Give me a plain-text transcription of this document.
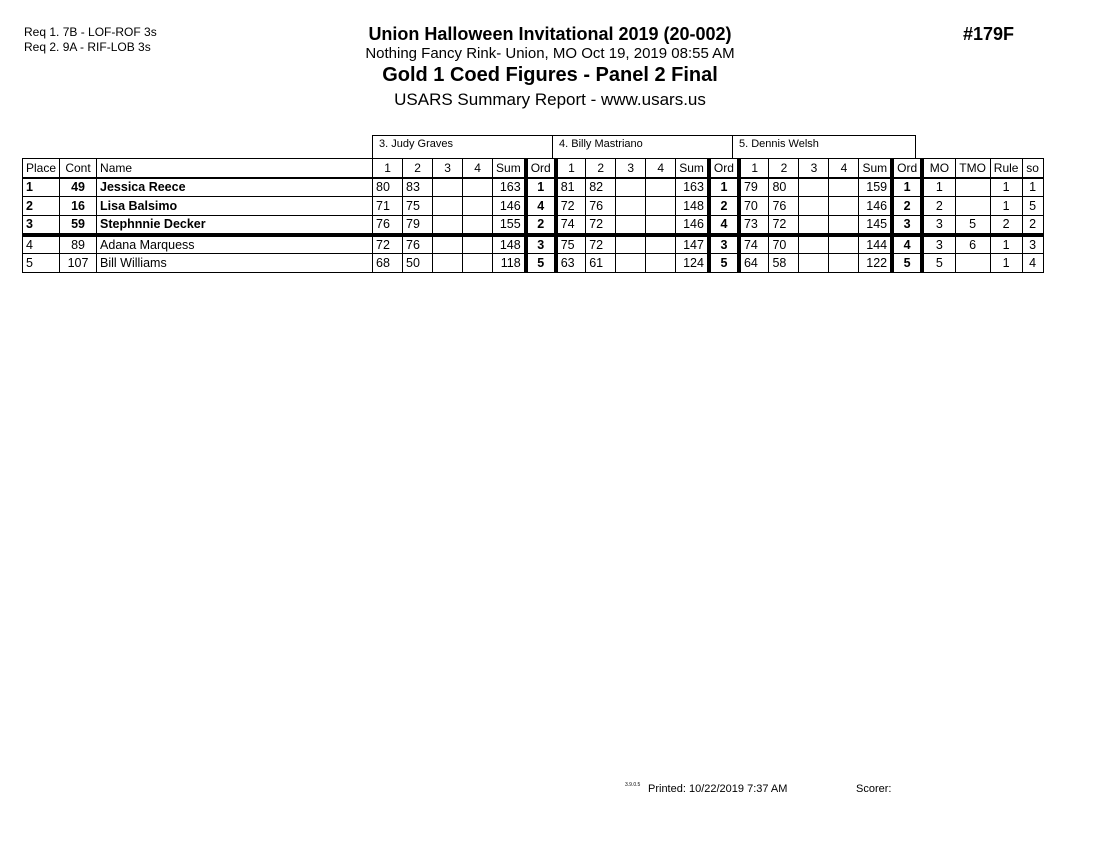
Req 1. 7B - LOF-ROF 3s
Req 2. 9A - RIF-LOB 3s
Union Halloween Invitational 2019 (20-002)
Nothing Fancy Rink- Union, MO Oct 19, 2019 08:55 AM
Gold 1 Coed Figures - Panel 2 Final
USARS Summary Report - www.usars.us
#179F
3. Judy Graves	4. Billy Mastriano	5. Dennis Welsh
Place	Cont	Name	1	2	3	4	Sum	Ord	1	2	3	4	Sum	Ord	1	2	3	4	Sum	Ord	MO	TMO	Rule	so
1	49	Jessica Reece	80	83			163	1	81	82			163	1	79	80			159	1	1		1	1
2	16	Lisa Balsimo	71	75			146	4	72	76			148	2	70	76			146	2	2		1	5
3	59	Stephnnie Decker	76	79			155	2	74	72			146	4	73	72			145	3	3	5	2	2
4	89	Adana Marquess	72	76			148	3	75	72			147	3	74	70			144	4	3	6	1	3
5	107	Bill Williams	68	50			118	5	63	61			124	5	64	58			122	5	5		1	4
3.9.0.5 Printed: 10/22/2019 7:37 AM	Scorer:
